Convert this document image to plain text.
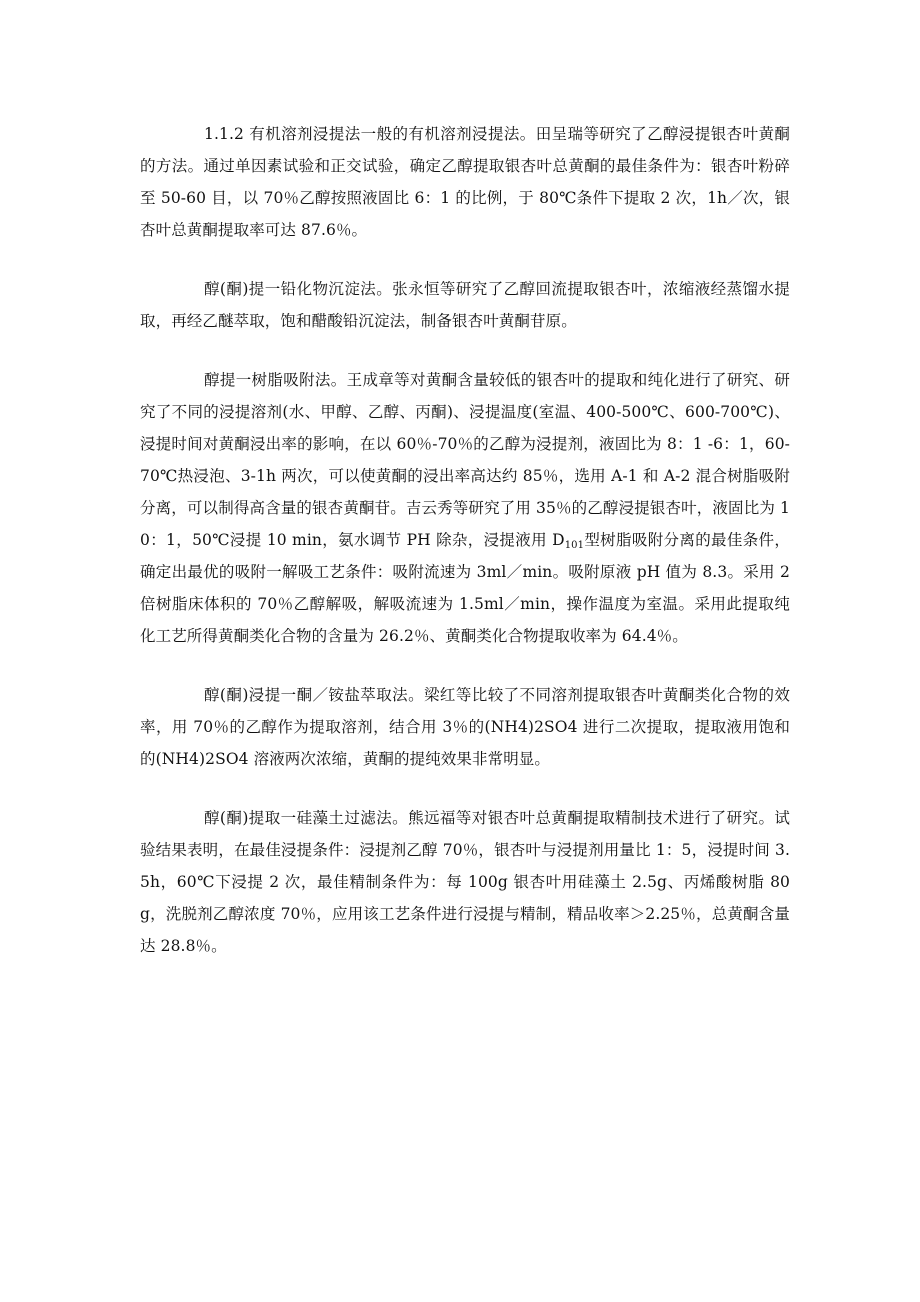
1.1.2 有机溶剂浸提法一般的有机溶剂浸提法。田呈瑞等研究了乙醇浸提银杏叶黄酮的方法。通过单因素试验和正交试验，确定乙醇提取银杏叶总黄酮的最佳条件为：银杏叶粉碎至 50-60 目，以 70％乙醇按照液固比 6：1 的比例，于 80℃条件下提取 2 次，1h／次，银杏叶总黄酮提取率可达 87.6％。

醇(酮)提一铅化物沉淀法。张永恒等研究了乙醇回流提取银杏叶，浓缩液经蒸馏水提取，再经乙醚萃取，饱和醋酸铅沉淀法，制备银杏叶黄酮苷原。

醇提一树脂吸附法。王成章等对黄酮含量较低的银杏叶的提取和纯化进行了研究、研究了不同的浸提溶剂(水、甲醇、乙醇、丙酮)、浸提温度(室温、400-500℃、600-700℃)、浸提时间对黄酮浸出率的影响，在以 60％-70％的乙醇为浸提剂，液固比为 8：1 -6：1，60-70℃热浸泡、3-1h 两次，可以使黄酮的浸出率高达约 85％，选用 A-1 和 A-2 混合树脂吸附分离，可以制得高含量的银杏黄酮苷。吉云秀等研究了用 35％的乙醇浸提银杏叶，液固比为 10：1，50℃浸提 10 min，氨水调节 PH 除杂，浸提液用 $D_{101}$型树脂吸附分离的最佳条件，确定出最优的吸附一解吸工艺条件：吸附流速为 3ml／min。吸附原液 pH 值为 8.3。采用 2 倍树脂床体积的 70％乙醇解吸，解吸流速为 1.5ml／min，操作温度为室温。采用此提取纯化工艺所得黄酮类化合物的含量为 26.2％、黄酮类化合物提取收率为 64.4％。

醇(酮)浸提一酮／铵盐萃取法。梁红等比较了不同溶剂提取银杏叶黄酮类化合物的效率，用 70％的乙醇作为提取溶剂，结合用 3％的(NH4)2SO4 进行二次提取，提取液用饱和的(NH4)2SO4 溶液两次浓缩，黄酮的提纯效果非常明显。

醇(酮)提取一硅藻土过滤法。熊远福等对银杏叶总黄酮提取精制技术进行了研究。试验结果表明，在最佳浸提条件：浸提剂乙醇 70％，银杏叶与浸提剂用量比 1：5，浸提时间 3.5h，60℃下浸提 2 次，最佳精制条件为：每 100g 银杏叶用硅藻土 2.5g、丙烯酸树脂 80g，洗脱剂乙醇浓度 70％，应用该工艺条件进行浸提与精制，精品收率＞2.25％，总黄酮含量达 28.8％。
